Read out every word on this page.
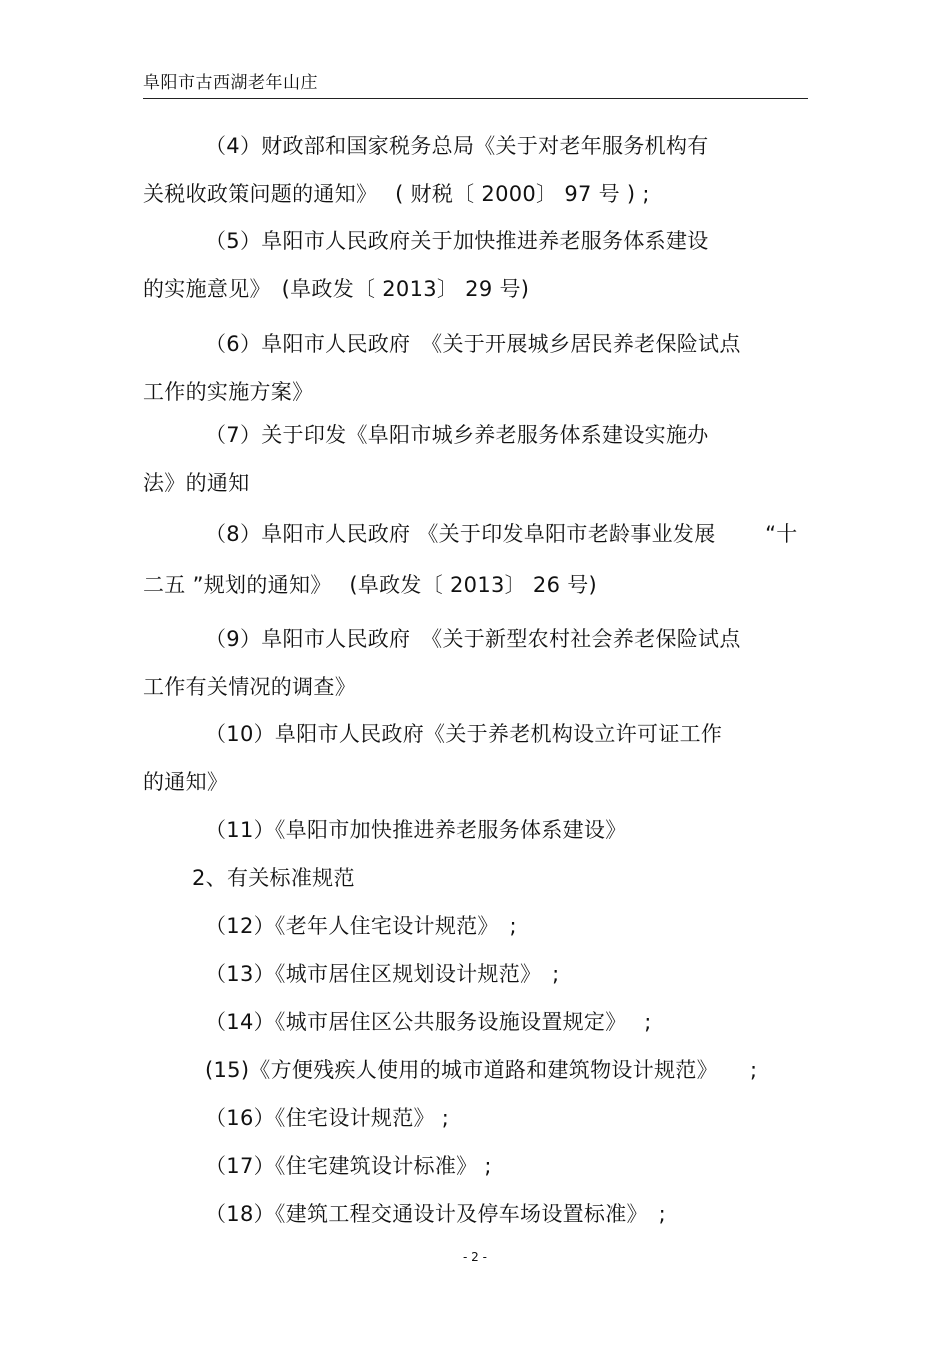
阜阳市古西湖老年山庄
（4）财政部和国家税务总局《关于对老年服务机构有
关税收政策问题的通知》　 ( 财税〔 2000〕 97 号 ) ;
（5）阜阳市人民政府关于加快推进养老服务体系建设
的实施意见》　(阜政发〔 2013〕 29 号)
（6）阜阳市人民政府　《关于开展城乡居民养老保险试点
工作的实施方案》
（7）关于印发《阜阳市城乡养老服务体系建设实施办
法》的通知
（8）阜阳市人民政府 《关于印发阜阳市老龄事业发展　　 “十
二五 ”规划的通知》　 (阜政发〔 2013〕 26 号)
（9）阜阳市人民政府　《关于新型农村社会养老保险试点
工作有关情况的调查》
（10）阜阳市人民政府《关于养老机构设立许可证工作
的通知》
（11）《阜阳市加快推进养老服务体系建设》
2、有关标准规范
（12）《老年人住宅设计规范》　;
（13）《城市居住区规划设计规范》　;
（14）《城市居住区公共服务设施设置规定》　 ;
(15)《方便残疾人使用的城市道路和建筑物设计规范》　　;
（16）《住宅设计规范》 ;
（17）《住宅建筑设计标准》 ;
（18）《建筑工程交通设计及停车场设置标准》　;
- 2 -
